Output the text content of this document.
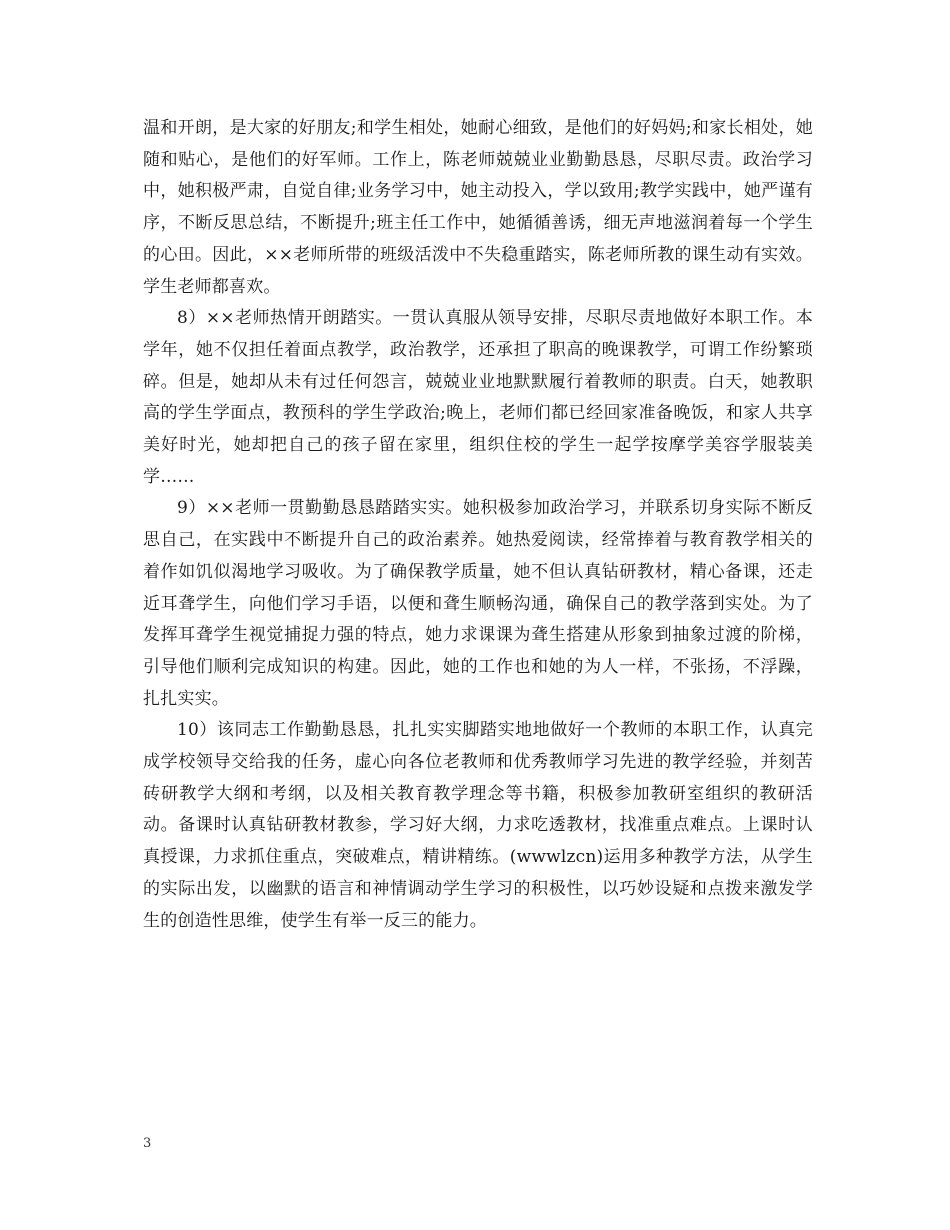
温和开朗，是大家的好朋友;和学生相处，她耐心细致，是他们的好妈妈;和家长相处，她随和贴心，是他们的好军师。工作上，陈老师兢兢业业勤勤恳恳，尽职尽责。政治学习中，她积极严肃，自觉自律;业务学习中，她主动投入，学以致用;教学实践中，她严谨有序，不断反思总结，不断提升;班主任工作中，她循循善诱，细无声地滋润着每一个学生的心田。因此，××老师所带的班级活泼中不失稳重踏实，陈老师所教的课生动有实效。学生老师都喜欢。

8）××老师热情开朗踏实。一贯认真服从领导安排，尽职尽责地做好本职工作。本学年，她不仅担任着面点教学，政治教学，还承担了职高的晚课教学，可谓工作纷繁琐碎。但是，她却从未有过任何怨言，兢兢业业地默默履行着教师的职责。白天，她教职高的学生学面点，教预科的学生学政治;晚上，老师们都已经回家准备晚饭，和家人共享美好时光，她却把自己的孩子留在家里，组织住校的学生一起学按摩学美容学服装美学……

9）××老师一贯勤勤恳恳踏踏实实。她积极参加政治学习，并联系切身实际不断反思自己，在实践中不断提升自己的政治素养。她热爱阅读，经常捧着与教育教学相关的着作如饥似渴地学习吸收。为了确保教学质量，她不但认真钻研教材，精心备课，还走近耳聋学生，向他们学习手语，以便和聋生顺畅沟通，确保自己的教学落到实处。为了发挥耳聋学生视觉捕捉力强的特点，她力求课课为聋生搭建从形象到抽象过渡的阶梯，引导他们顺利完成知识的构建。因此，她的工作也和她的为人一样，不张扬，不浮躁，扎扎实实。

10）该同志工作勤勤恳恳，扎扎实实脚踏实地地做好一个教师的本职工作，认真完成学校领导交给我的任务，虚心向各位老教师和优秀教师学习先进的教学经验，并刻苦砖研教学大纲和考纲，以及相关教育教学理念等书籍，积极参加教研室组织的教研活动。备课时认真钻研教材教参，学习好大纲，力求吃透教材，找准重点难点。上课时认真授课，力求抓住重点，突破难点，精讲精练。(wwwlzcn)运用多种教学方法，从学生的实际出发，以幽默的语言和神情调动学生学习的积极性，以巧妙设疑和点拨来激发学生的创造性思维，使学生有举一反三的能力。

3
